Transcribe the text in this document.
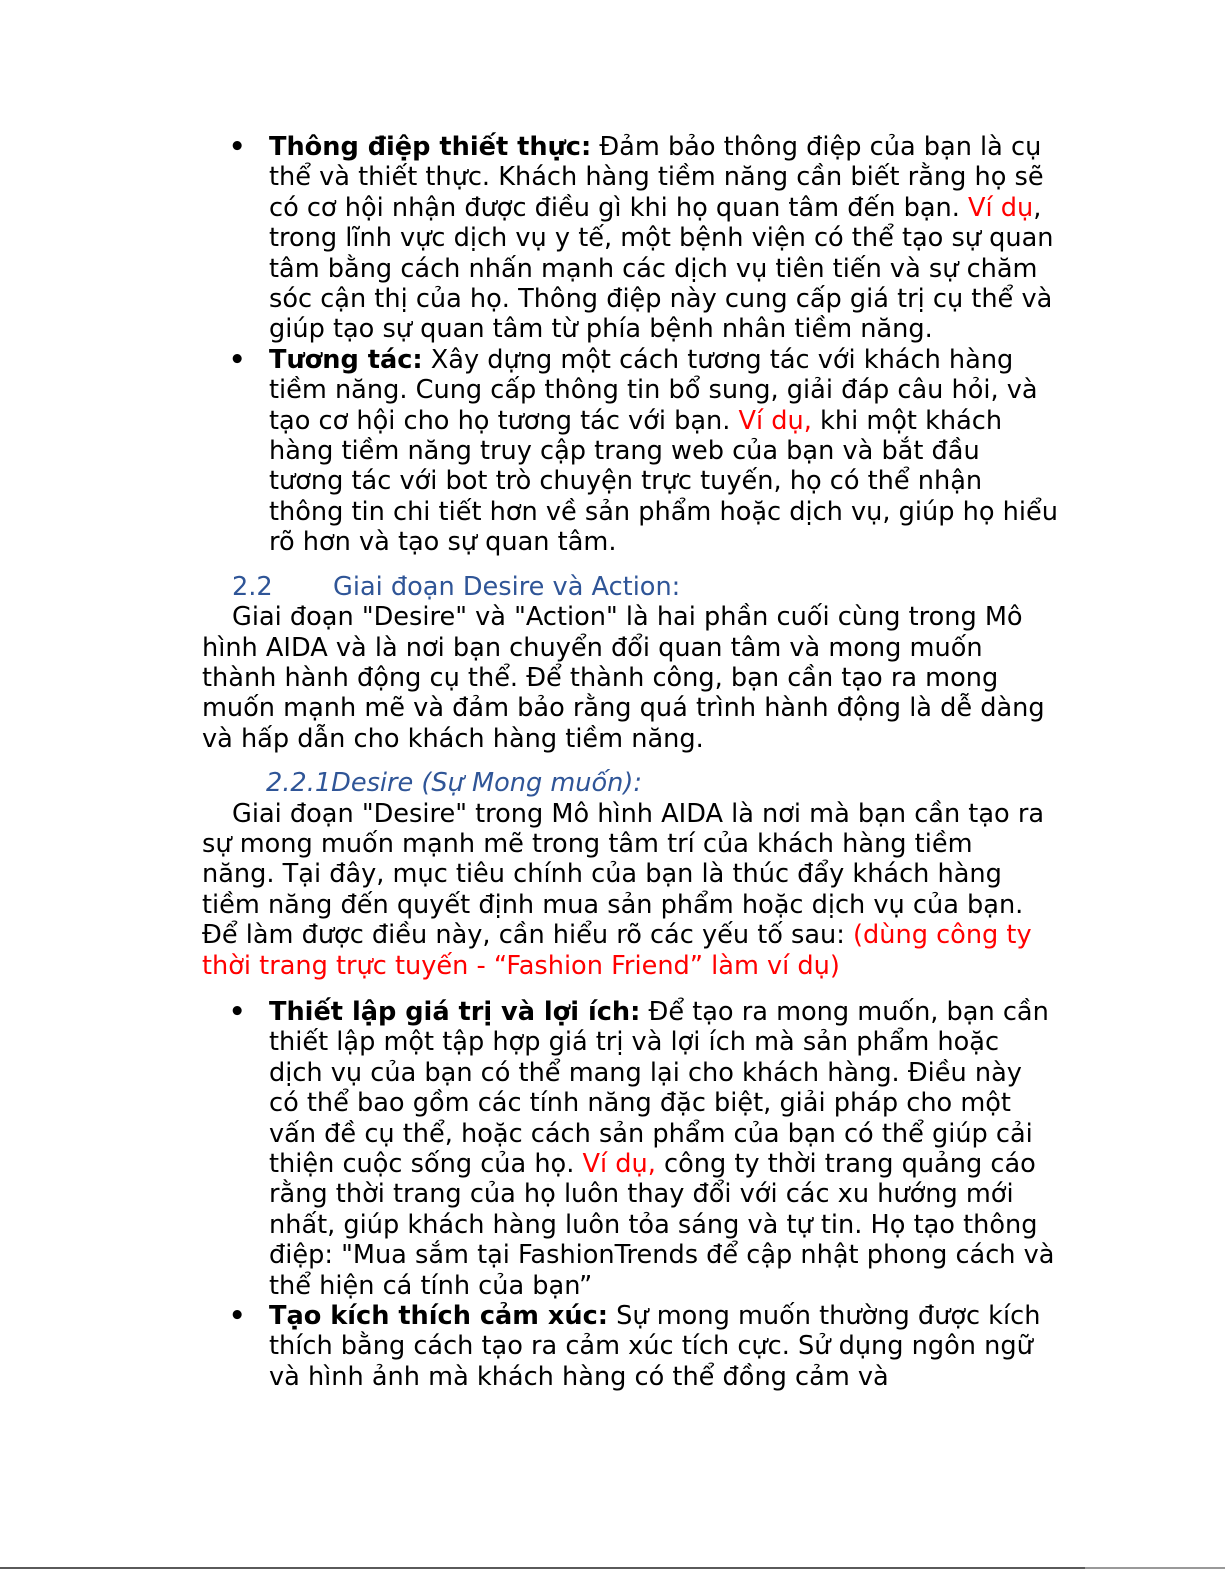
• Thông điệp thiết thực: Đảm bảo thông điệp của bạn là cụ thể và thiết thực. Khách hàng tiềm năng cần biết rằng họ sẽ có cơ hội nhận được điều gì khi họ quan tâm đến bạn. Ví dụ, trong lĩnh vực dịch vụ y tế, một bệnh viện có thể tạo sự quan tâm bằng cách nhấn mạnh các dịch vụ tiên tiến và sự chăm sóc cận thị của họ. Thông điệp này cung cấp giá trị cụ thể và giúp tạo sự quan tâm từ phía bệnh nhân tiềm năng.
• Tương tác: Xây dựng một cách tương tác với khách hàng tiềm năng. Cung cấp thông tin bổ sung, giải đáp câu hỏi, và tạo cơ hội cho họ tương tác với bạn. Ví dụ, khi một khách hàng tiềm năng truy cập trang web của bạn và bắt đầu tương tác với bot trò chuyện trực tuyến, họ có thể nhận thông tin chi tiết hơn về sản phẩm hoặc dịch vụ, giúp họ hiểu rõ hơn và tạo sự quan tâm.
2.2 Giai đoạn Desire và Action:
Giai đoạn "Desire" và "Action" là hai phần cuối cùng trong Mô hình AIDA và là nơi bạn chuyển đổi quan tâm và mong muốn thành hành động cụ thể. Để thành công, bạn cần tạo ra mong muốn mạnh mẽ và đảm bảo rằng quá trình hành động là dễ dàng và hấp dẫn cho khách hàng tiềm năng.
2.2.1Desire (Sự Mong muốn):
Giai đoạn "Desire" trong Mô hình AIDA là nơi mà bạn cần tạo ra sự mong muốn mạnh mẽ trong tâm trí của khách hàng tiềm năng. Tại đây, mục tiêu chính của bạn là thúc đẩy khách hàng tiềm năng đến quyết định mua sản phẩm hoặc dịch vụ của bạn. Để làm được điều này, cần hiểu rõ các yếu tố sau: (dùng công ty thời trang trực tuyến - “Fashion Friend” làm ví dụ)
• Thiết lập giá trị và lợi ích: Để tạo ra mong muốn, bạn cần thiết lập một tập hợp giá trị và lợi ích mà sản phẩm hoặc dịch vụ của bạn có thể mang lại cho khách hàng. Điều này có thể bao gồm các tính năng đặc biệt, giải pháp cho một vấn đề cụ thể, hoặc cách sản phẩm của bạn có thể giúp cải thiện cuộc sống của họ. Ví dụ, công ty thời trang quảng cáo rằng thời trang của họ luôn thay đổi với các xu hướng mới nhất, giúp khách hàng luôn tỏa sáng và tự tin. Họ tạo thông điệp: "Mua sắm tại FashionTrends để cập nhật phong cách và thể hiện cá tính của bạn”
• Tạo kích thích cảm xúc: Sự mong muốn thường được kích thích bằng cách tạo ra cảm xúc tích cực. Sử dụng ngôn ngữ và hình ảnh mà khách hàng có thể đồng cảm và
